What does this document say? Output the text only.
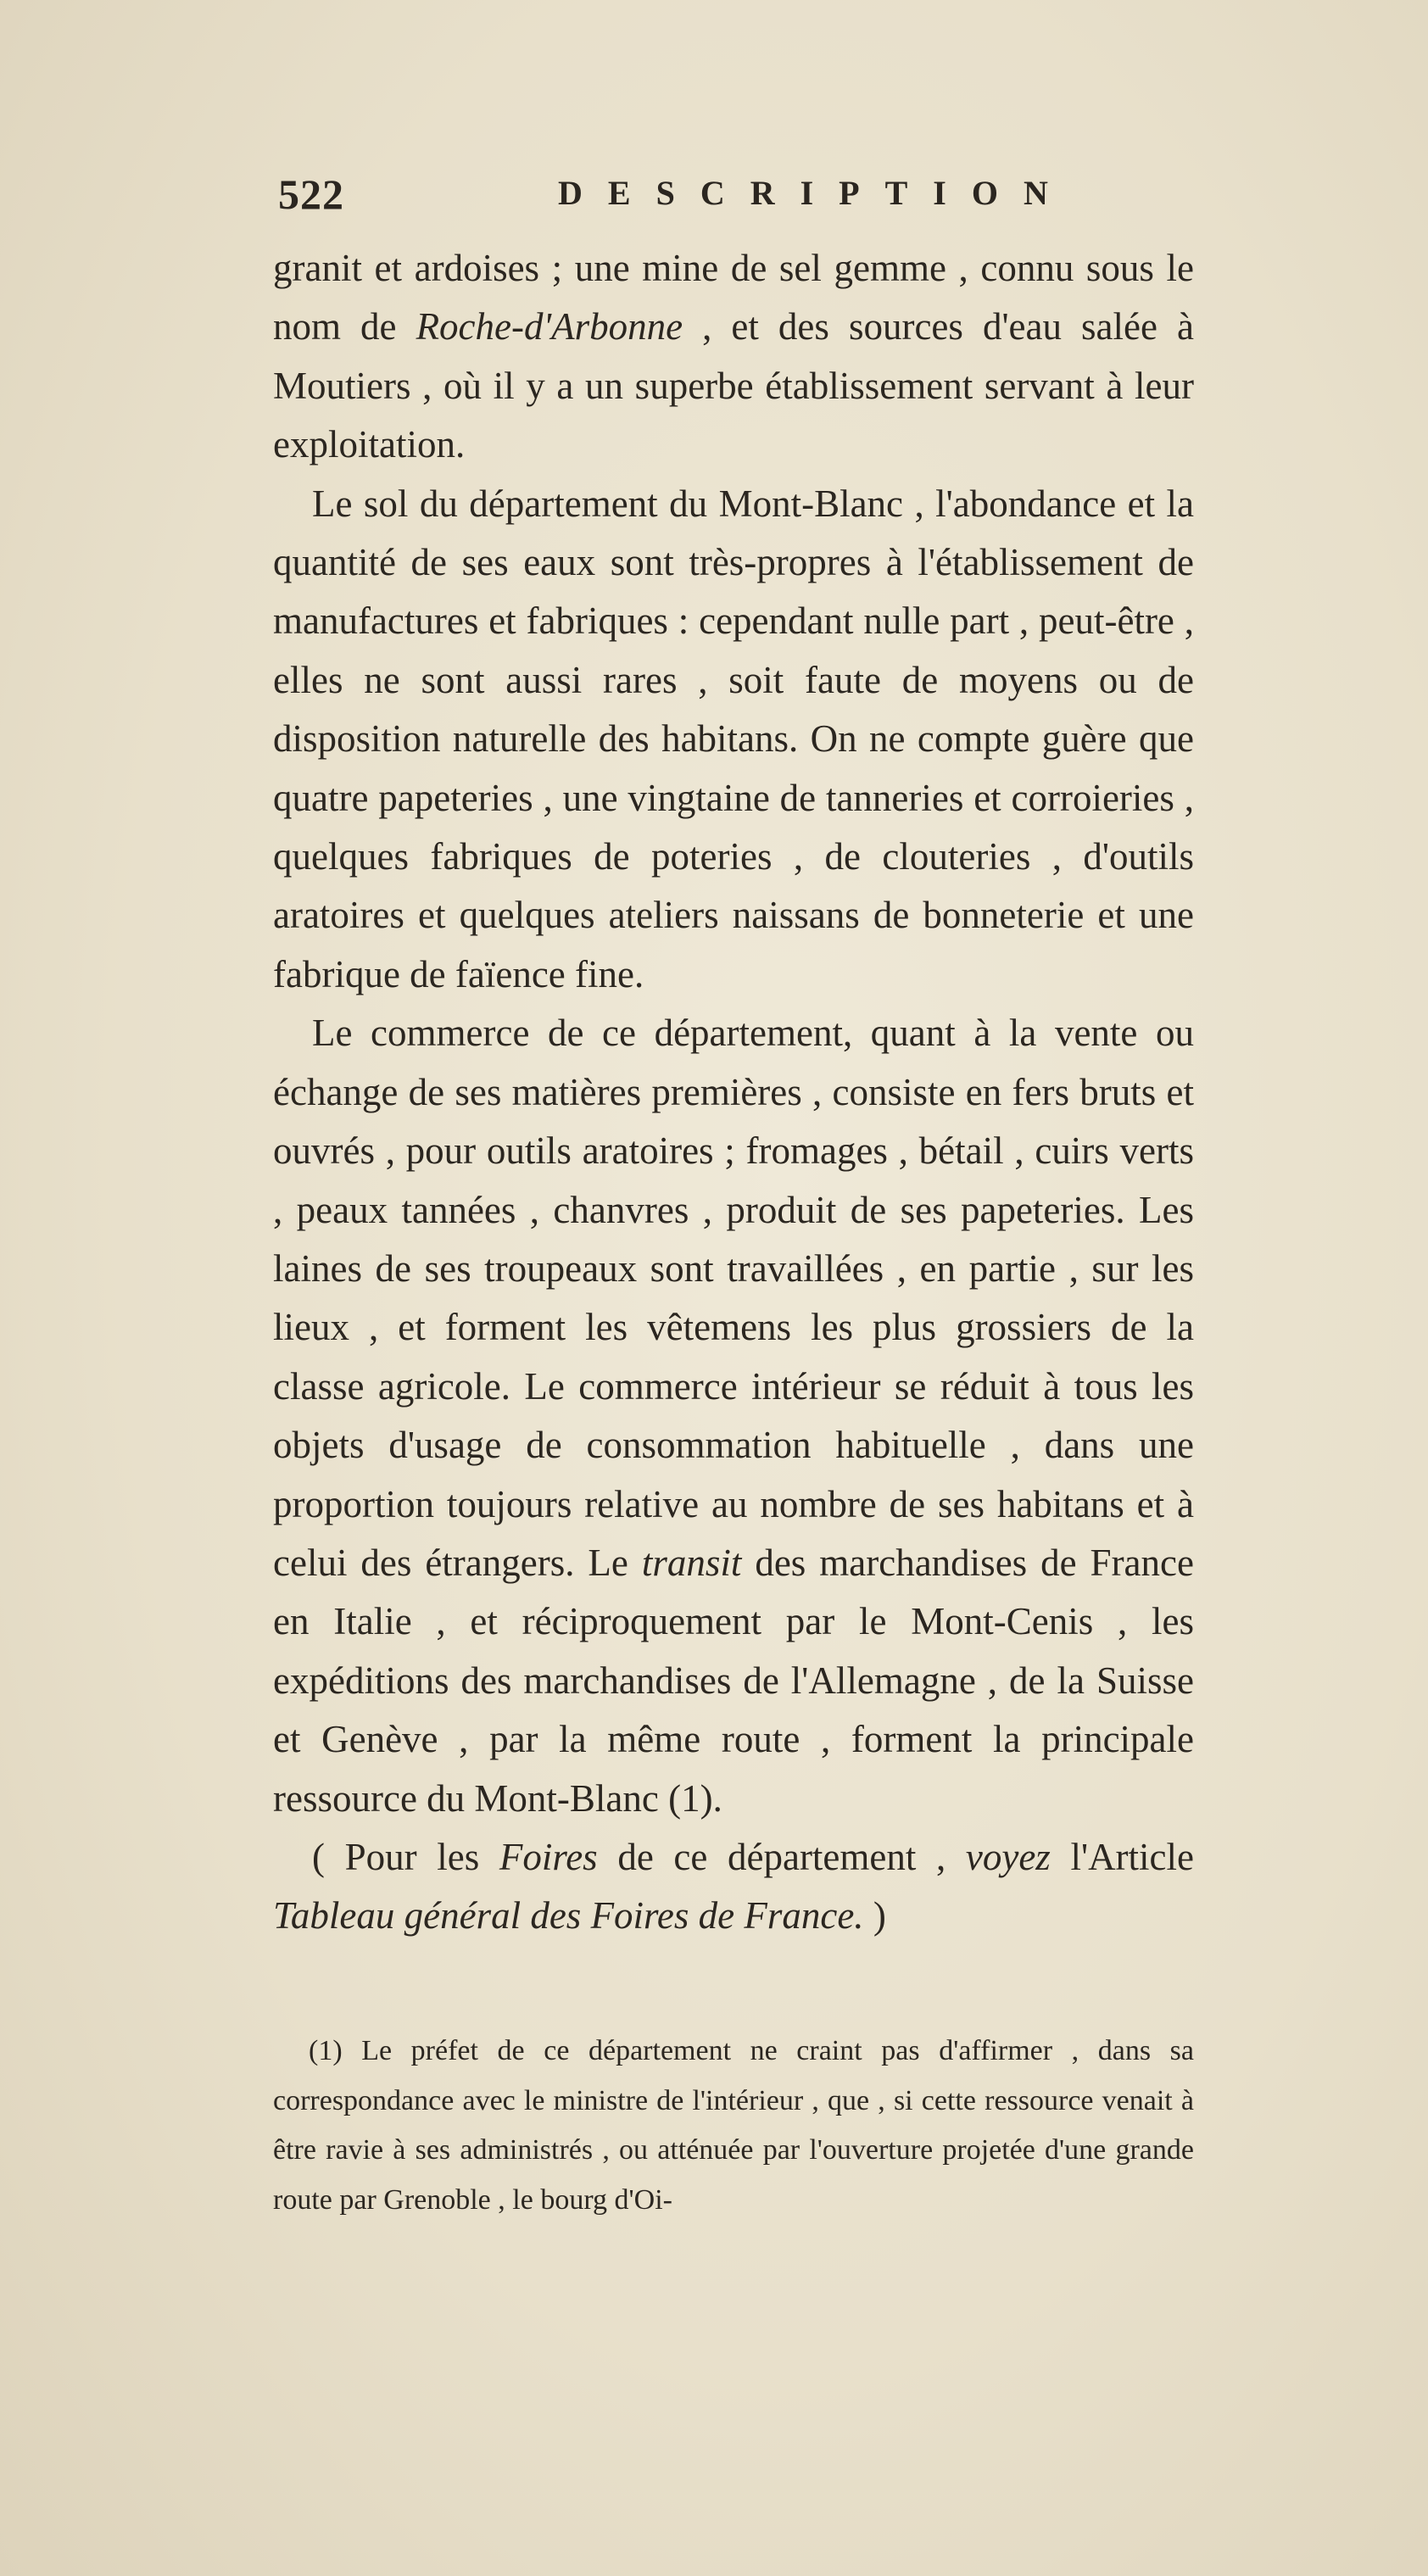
522	DESCRIPTION

granit et ardoises ; une mine de sel gemme , connu sous le nom de Roche-d'Arbonne , et des sources d'eau salée à Moutiers , où il y a un superbe établissement servant à leur exploitation.

Le sol du département du Mont-Blanc , l'abondance et la quantité de ses eaux sont très-propres à l'établissement de manufactures et fabriques : cependant nulle part , peut-être , elles ne sont aussi rares , soit faute de moyens ou de disposition naturelle des habitans. On ne compte guère que quatre papeteries , une vingtaine de tanneries et corroieries , quelques fabriques de poteries , de clouteries , d'outils aratoires et quelques ateliers naissans de bonneterie et une fabrique de faïence fine.

Le commerce de ce département, quant à la vente ou échange de ses matières premières , consiste en fers bruts et ouvrés , pour outils aratoires ; fromages , bétail , cuirs verts , peaux tannées , chanvres , produit de ses papeteries. Les laines de ses troupeaux sont travaillées , en partie , sur les lieux , et forment les vêtemens les plus grossiers de la classe agricole. Le commerce intérieur se réduit à tous les objets d'usage de consommation habituelle , dans une proportion toujours relative au nombre de ses habitans et à celui des étrangers. Le transit des marchandises de France en Italie , et réciproquement par le Mont-Cenis , les expéditions des marchandises de l'Allemagne , de la Suisse et Genève , par la même route , forment la principale ressource du Mont-Blanc (1).

( Pour les Foires de ce département , voyez l'Article Tableau général des Foires de France. )

(1) Le préfet de ce département ne craint pas d'affirmer , dans sa correspondance avec le ministre de l'intérieur , que , si cette ressource venait à être ravie à ses administrés , ou atténuée par l'ouverture projetée d'une grande route par Grenoble , le bourg d'Oi-
